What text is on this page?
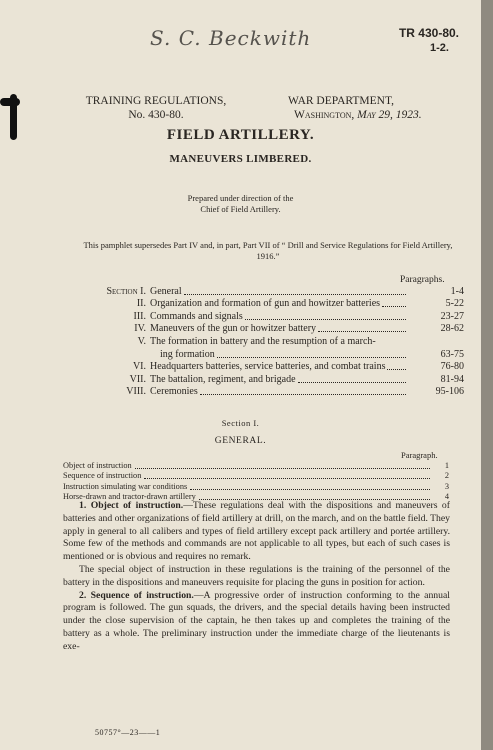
S. C. Beckwith	TR 430-80.
1-2.
TRAINING REGULATIONS,
No. 430-80.
WAR DEPARTMENT,
Washington, May 29, 1923.
FIELD ARTILLERY.
MANEUVERS LIMBERED.
Prepared under direction of the
Chief of Field Artillery.
This pamphlet supersedes Part IV and, in part, Part VII of “ Drill and Service Regulations for Field Artillery, 1916.”
Paragraphs.
Section I. General	1-4
II. Organization and formation of gun and howitzer batteries	5-22
III. Commands and signals	23-27
IV. Maneuvers of the gun or howitzer battery	28-62
V. The formation in battery and the resumption of a march-
ing formation	63-75
VI. Headquarters batteries, service batteries, and combat trains	76-80
VII. The battalion, regiment, and brigade	81-94
VIII. Ceremonies	95-106
Section I.
GENERAL.
Paragraph.
Object of instruction	1
Sequence of instruction	2
Instruction simulating war conditions	3
Horse-drawn and tractor-drawn artillery	4

1. Object of instruction.—These regulations deal with the dispositions and maneuvers of batteries and other organizations of field artillery at drill, on the march, and on the battle field. They apply in general to all calibers and types of field artillery except pack artillery and portée artillery. Some few of the methods and commands are not applicable to all types, but each of such cases is mentioned or is obvious and requires no remark.

The special object of instruction in these regulations is the training of the personnel of the battery in the dispositions and maneuvers requisite for placing the guns in position for action.

2. Sequence of instruction.—A progressive order of instruction conforming to the annual program is followed. The gun squads, the drivers, and the special details having been instructed under the close supervision of the captain, he then takes up and completes the training of the battery as a whole. The preliminary instruction under the immediate charge of the lieutenants is exe-

50757°—23——1
